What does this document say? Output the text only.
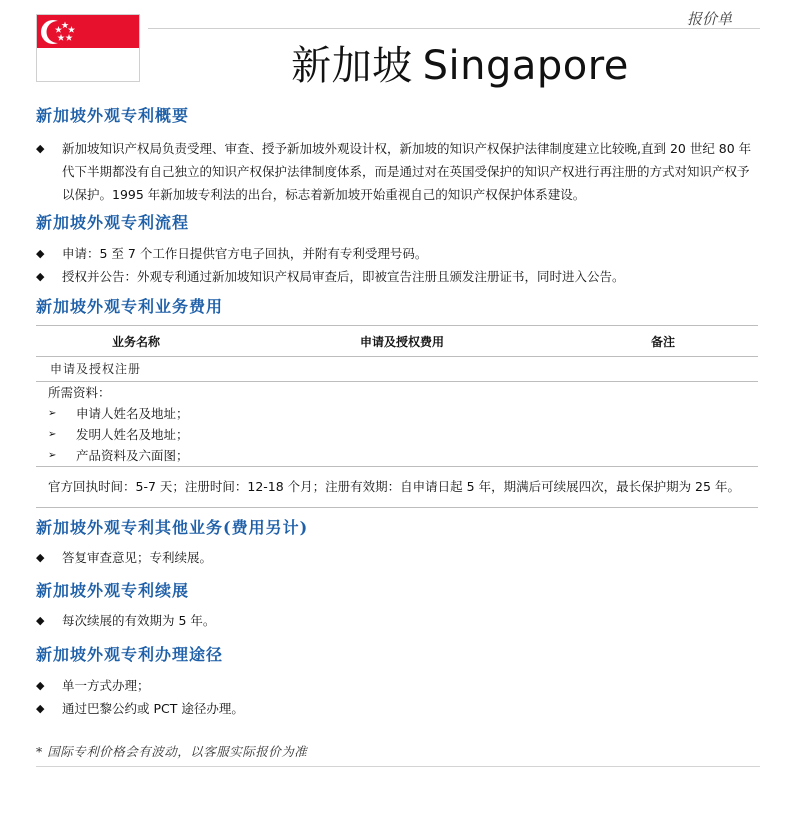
报价单
新加坡 Singapore
新加坡外观专利概要
◆ 新加坡知识产权局负责受理、审查、授予新加坡外观设计权，新加坡的知识产权保护法律制度建立比较晚,直到 20 世纪 80 年代下半期都没有自己独立的知识产权保护法律制度体系，而是通过对在英国受保护的知识产权进行再注册的方式对知识产权予以保护。1995 年新加坡专利法的出台，标志着新加坡开始重视自己的知识产权保护体系建设。
新加坡外观专利流程
◆ 申请：5 至 7 个工作日提供官方电子回执，并附有专利受理号码。
◆ 授权并公告：外观专利通过新加坡知识产权局审查后，即被宣告注册且颁发注册证书，同时进入公告。
新加坡外观专利业务费用
业务名称	申请及授权费用	备注
申请及授权注册
所需资料：
➢ 申请人姓名及地址；
➢ 发明人姓名及地址；
➢ 产品资料及六面图；
官方回执时间：5-7 天；注册时间：12-18 个月；注册有效期：自申请日起 5 年，期满后可续展四次，最长保护期为 25 年。
新加坡外观专利其他业务(费用另计)
◆ 答复审查意见；专利续展。
新加坡外观专利续展
◆ 每次续展的有效期为 5 年。
新加坡外观专利办理途径
◆ 单一方式办理；
◆ 通过巴黎公约或 PCT 途径办理。
* 国际专利价格会有波动，以客服实际报价为准
